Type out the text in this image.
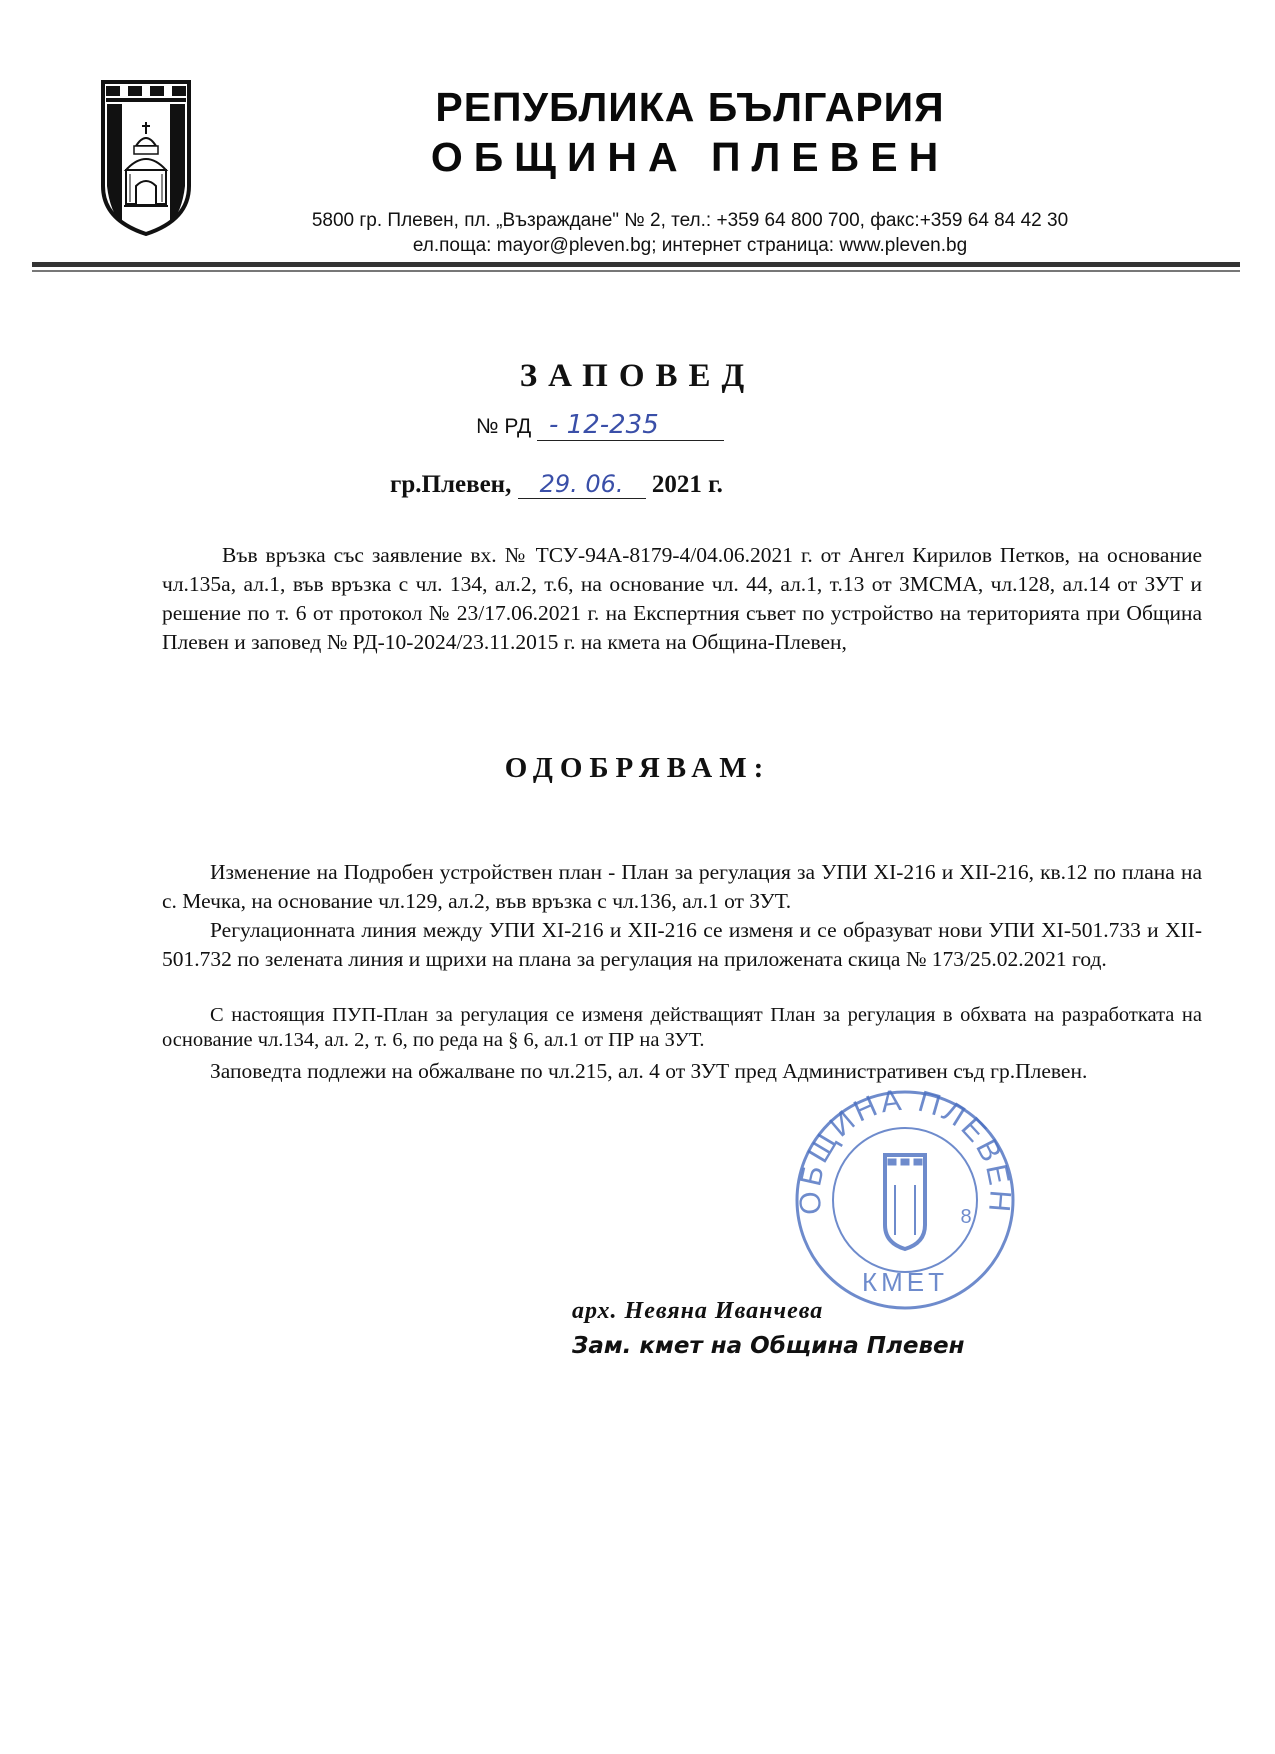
РЕПУБЛИКА БЪЛГАРИЯ
ОБЩИНА ПЛЕВЕН
5800 гр. Плевен, пл. „Възраждане" № 2, тел.: +359 64 800 700, факс:+359 64 84 42 30
ел.поща: mayor@pleven.bg; интернет страница: www.pleven.bg
ЗАПОВЕД
№ РД - 12-235
гр.Плевен, 29. 06. 2021 г.
Във връзка със заявление вх. № ТСУ-94А-8179-4/04.06.2021 г. от Ангел Кирилов Петков, на основание чл.135а, ал.1, във връзка с чл. 134, ал.2, т.6, на основание чл. 44, ал.1, т.13 от ЗМСМА, чл.128, ал.14 от ЗУТ и решение по т. 6 от протокол № 23/17.06.2021 г. на Експертния съвет по устройство на територията при Община Плевен и заповед № РД-10-2024/23.11.2015 г. на кмета на Община-Плевен,
ОДОБРЯВАМ:
Изменение на Подробен устройствен план - План за регулация за УПИ ХI-216 и ХII-216, кв.12 по плана на с. Мечка, на основание чл.129, ал.2, във връзка с чл.136, ал.1 от ЗУТ.
Регулационната линия между УПИ ХI-216 и ХII-216 се изменя и се образуват нови УПИ ХI-501.733 и ХII-501.732 по зелената линия и щрихи на плана за регулация на приложената скица № 173/25.02.2021 год.
С настоящия ПУП-План за регулация се изменя действащият План за регулация в обхвата на разработката на основание чл.134, ал. 2, т. 6, по реда на § 6, ал.1 от ПР на ЗУТ.
Заповедта подлежи на обжалване по чл.215, ал. 4 от ЗУТ пред Административен съд гр.Плевен.
ОБЩИНА ПЛЕВЕН
КМЕТ
8
арх. Невяна Иванчева
Зам. кмет на Община Плевен
